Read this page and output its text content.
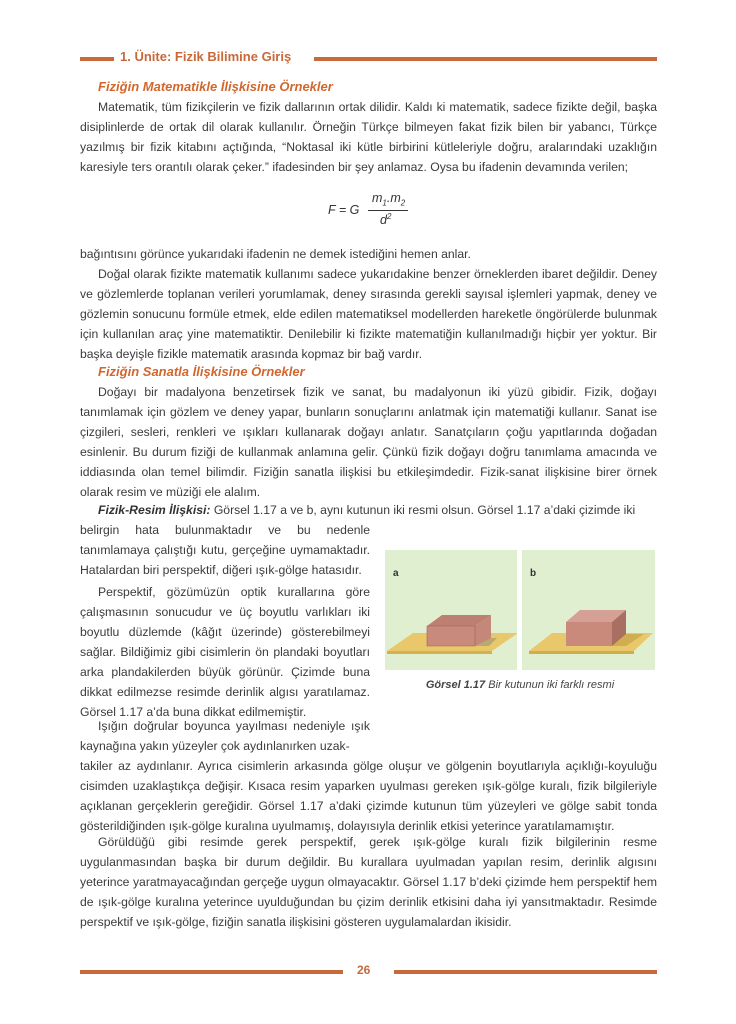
1. Ünite: Fizik Bilimine Giriş
Fiziğin Matematikle İlişkisine Örnekler

Matematik, tüm fizikçilerin ve fizik dallarının ortak dilidir. Kaldı ki matematik, sadece fizikte değil, başka disiplinlerde de ortak dil olarak kullanılır. Örneğin Türkçe bilmeyen fakat fizik bilen bir yabancı, Türkçe yazılmış bir fizik kitabını açtığında, “Noktasal iki kütle birbirini kütleleriyle doğru, aralarındaki uzaklığın karesiyle ters orantılı olarak çeker.” ifadesinden bir şey anlamaz. Oysa bu ifadenin devamında verilen;

F = G
$m_1.m_2$
$d^2$

bağıntısını görünce yukarıdaki ifadenin ne demek istediğini hemen anlar.

Doğal olarak fizikte matematik kullanımı sadece yukarıdakine benzer örneklerden ibaret değildir. Deney ve gözlemlerde toplanan verileri yorumlamak, deney sırasında gerekli sayısal işlemleri yapmak, deney ve gözlemin sonucunu formüle etmek, elde edilen matematiksel modellerden hareketle öngörülerde bulunmak için kullanılan araç yine matematiktir. Denilebilir ki fizikte matematiğin kullanılmadığı hiçbir yer yoktur. Bir başka deyişle fizikle matematik arasında kopmaz bir bağ vardır.

Fiziğin Sanatla İlişkisine Örnekler

Doğayı bir madalyona benzetirsek fizik ve sanat, bu madalyonun iki yüzü gibidir. Fizik, doğayı tanımlamak için gözlem ve deney yapar, bunların sonuçlarını anlatmak için matematiği kullanır. Sanat ise çizgileri, sesleri, renkleri ve ışıkları kullanarak doğayı anlatır. Sanatçıların çoğu yapıtlarında doğadan esinlenir. Bu durum fiziği de kullanmak anlamına gelir. Çünkü fizik doğayı doğru tanımlama amacında ve iddiasında olan temel bilimdir. Fiziğin sanatla ilişkisi bu etkileşimdedir. Fizik-sanat ilişkisine birer örnek olarak resim ve müziği ele alalım.

Fizik-Resim İlişkisi: Görsel 1.17 a ve b, aynı kutunun iki resmi olsun. Görsel 1.17 a’daki çizimde iki

belirgin hata bulunmaktadır ve bu nedenle tanımlamaya çalıştığı kutu, gerçeğine uymamaktadır. Hatalardan biri perspektif, diğeri ışık-gölge hatasıdır.

Perspektif, gözümüzün optik kurallarına göre çalışmasının sonucudur ve üç boyutlu varlıkları iki boyutlu düzlemde (kâğıt üzerinde) gösterebilmeyi sağlar. Bildiğimiz gibi cisimlerin ön plandaki boyutları arka plandakilerden büyük görünür. Çizimde buna dikkat edilmezse resimde derinlik algısı yaratılamaz. Görsel 1.17 a’da buna dikkat edilmemiştir.

Işığın doğrular boyunca yayılması nedeniyle ışık kaynağına yakın yüzeyler çok aydınlanırken uzak-

takiler az aydınlanır. Ayrıca cisimlerin arkasında gölge oluşur ve gölgenin boyutlarıyla açıklığı-koyuluğu cisimden uzaklaştıkça değişir. Kısaca resim yaparken uyulması gereken ışık-gölge kuralı, fizik bilgileriyle açıklanan gerçeklerin gereğidir. Görsel 1.17 a’daki çizimde kutunun tüm yüzeyleri ve gölge sabit tonda gösterildiğinden ışık-gölge kuralına uyulmamış, dolayısıyla derinlik etkisi yeterince yaratılamamıştır.

Görüldüğü gibi resimde gerek perspektif, gerek ışık-gölge kuralı fizik bilgilerinin resme uygulanmasından başka bir durum değildir. Bu kurallara uyulmadan yapılan resim, derinlik algısını yeterince yaratmayacağından gerçeğe uygun olmayacaktır. Görsel 1.17 b’deki çizimde hem perspektif hem de ışık-gölge kuralına yeterince uyulduğundan bu çizim derinlik etkisini daha iyi yansıtmaktadır. Resimde perspektif ve ışık-gölge, fiziğin sanatla ilişkisini gösteren uygulamalardan ikisidir.

a	b
Görsel 1.17 Bir kutunun iki farklı resmi
26
